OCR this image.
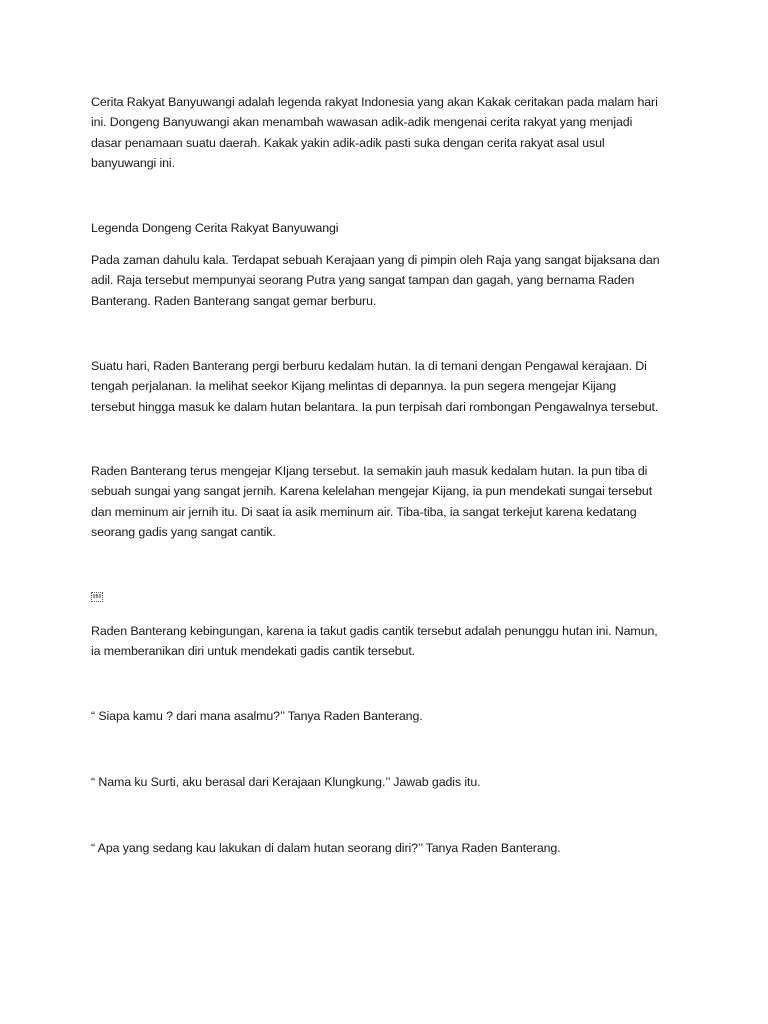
Cerita Rakyat Banyuwangi adalah legenda rakyat Indonesia yang akan Kakak ceritakan pada malam hari
ini. Dongeng Banyuwangi akan menambah wawasan adik-adik mengenai cerita rakyat yang menjadi
dasar penamaan suatu daerah. Kakak yakin adik-adik pasti suka dengan cerita rakyat asal usul
banyuwangi ini.

Legenda Dongeng Cerita Rakyat Banyuwangi

Pada zaman dahulu kala. Terdapat sebuah Kerajaan yang di pimpin oleh Raja yang sangat bijaksana dan
adil. Raja tersebut mempunyai seorang Putra yang sangat tampan dan gagah, yang bernama Raden
Banterang. Raden Banterang sangat gemar berburu.

Suatu hari, Raden Banterang pergi berburu kedalam hutan. Ia di temani dengan Pengawal kerajaan. Di
tengah perjalanan. Ia melihat seekor Kijang melintas di depannya. Ia pun segera mengejar Kijang
tersebut hingga masuk ke dalam hutan belantara. Ia pun terpisah dari rombongan Pengawalnya tersebut.

Raden Banterang terus mengejar KIjang tersebut. Ia semakin jauh masuk kedalam hutan. Ia pun tiba di
sebuah sungai yang sangat jernih. Karena kelelahan mengejar Kijang, ia pun mendekati sungai tersebut
dan meminum air jernih itu. Di saat ia asik meminum air. Tiba-tiba, ia sangat terkejut karena kedatang
seorang gadis yang sangat cantik.

0B0

Raden Banterang kebingungan, karena ia takut gadis cantik tersebut adalah penunggu hutan ini. Namun,
ia memberanikan diri untuk mendekati gadis cantik tersebut.

“ Siapa kamu ? dari mana asalmu?’’ Tanya Raden Banterang.

“ Nama ku Surti, aku berasal dari Kerajaan Klungkung.’’ Jawab gadis itu.

“ Apa yang sedang kau lakukan di dalam hutan seorang diri?’’ Tanya Raden Banterang.
